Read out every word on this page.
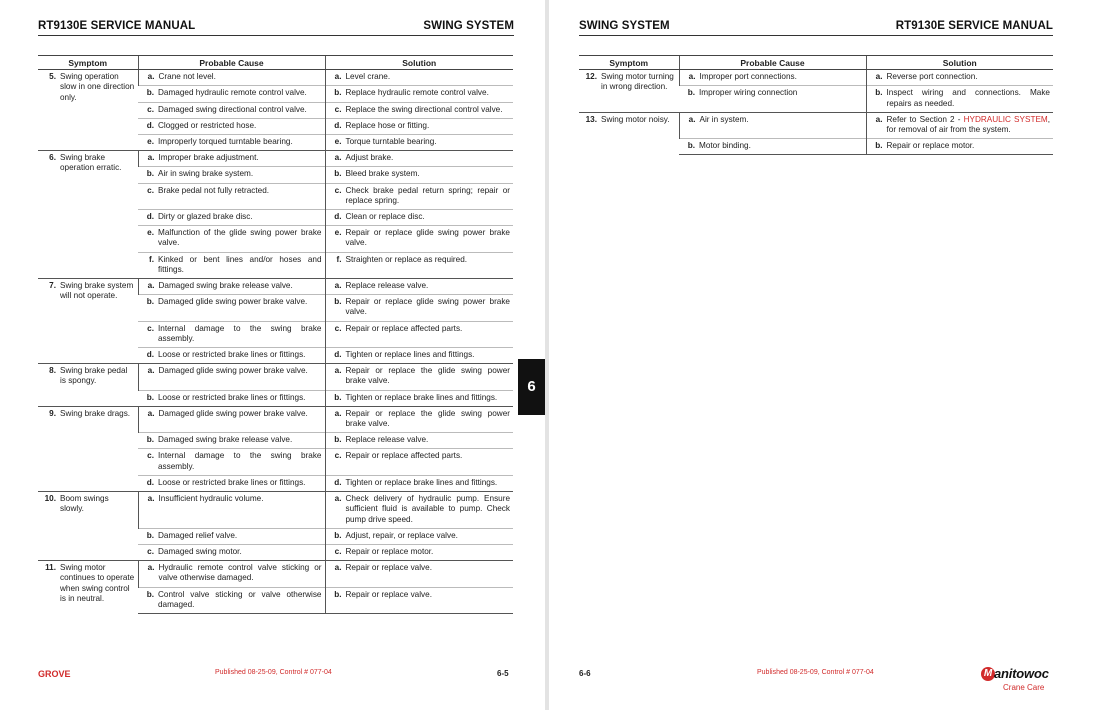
RT9130E SERVICE MANUAL	SWING SYSTEM
Symptom	Probable Cause	Solution

5. Swing operation slow in one direction only.	a. Crane not level.	a. Level crane.

	b. Damaged hydraulic remote control valve.	b. Replace hydraulic remote control valve.

	c. Damaged swing directional control valve.	c. Replace the swing directional control valve.

	d. Clogged or restricted hose.	d. Replace hose or fitting.

	e. Improperly torqued turntable bearing.	e. Torque turntable bearing.

6. Swing brake operation erratic.	a. Improper brake adjustment.	a. Adjust brake.

	b. Air in swing brake system.	b. Bleed brake system.

	c. Brake pedal not fully retracted.	c. Check brake pedal return spring; repair or replace spring.

	d. Dirty or glazed brake disc.	d. Clean or replace disc.

	e. Malfunction of the glide swing power brake valve.	e. Repair or replace glide swing power brake valve.

	f. Kinked or bent lines and/or hoses and fittings.	f. Straighten or replace as required.

7. Swing brake system will not operate.	a. Damaged swing brake release valve.	a. Replace release valve.

	b. Damaged glide swing power brake valve.	b. Repair or replace glide swing power brake valve.

	c. Internal damage to the swing brake assembly.	c. Repair or replace affected parts.

	d. Loose or restricted brake lines or fittings.	d. Tighten or replace lines and fittings.

8. Swing brake pedal is spongy.	a. Damaged glide swing power brake valve.	a. Repair or replace the glide swing power brake valve.

	b. Loose or restricted brake lines or fittings.	b. Tighten or replace brake lines and fittings.

9. Swing brake drags.	a. Damaged glide swing power brake valve.	a. Repair or replace the glide swing power brake valve.

	b. Damaged swing brake release valve.	b. Replace release valve.

	c. Internal damage to the swing brake assembly.	c. Repair or replace affected parts.

	d. Loose or restricted brake lines or fittings.	d. Tighten or replace brake lines and fittings.

10. Boom swings slowly.	a. Insufficient hydraulic volume.	a. Check delivery of hydraulic pump. Ensure sufficient fluid is available to pump. Check pump drive speed.

	b. Damaged relief valve.	b. Adjust, repair, or replace valve.

	c. Damaged swing motor.	c. Repair or replace motor.

11. Swing motor continues to operate when swing control is in neutral.	a. Hydraulic remote control valve sticking or valve otherwise damaged.	a. Repair or replace valve.

	b. Control valve sticking or valve otherwise damaged.	b. Repair or replace valve.
GROVE	Published 08-25-09, Control # 077-04	6-5
6
SWING SYSTEM	RT9130E SERVICE MANUAL
Symptom	Probable Cause	Solution

12. Swing motor turning in wrong direction.	a. Improper port connections.	a. Reverse port connection.

	b. Improper wiring connection	b. Inspect wiring and connections. Make repairs as needed.

13. Swing motor noisy.	a. Air in system.	a. Refer to Section 2 - HYDRAULIC SYSTEM, for removal of air from the system.

	b. Motor binding.	b. Repair or replace motor.
6-6	Published 08-25-09, Control # 077-04	M anitowoc
Crane Care
